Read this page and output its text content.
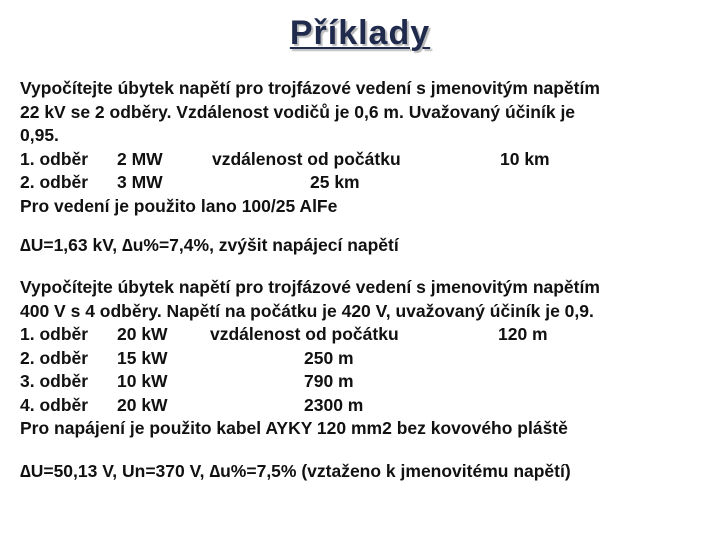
Příklady
Vypočítejte úbytek napětí pro trojfázové vedení s jmenovitým napětím
22 kV se 2 odběry. Vzdálenost vodičů je 0,6 m. Uvažovaný účiník je
0,95.
1. odběr 2 MW	vzdálenost od počátku	10 km
2. odběr 3 MW	25 km
Pro vedení je použito lano 100/25 AlFe
∆U=1,63 kV, ∆u%=7,4%, zvýšit napájecí napětí
Vypočítejte úbytek napětí pro trojfázové vedení s jmenovitým napětím
400 V s 4 odběry. Napětí na počátku je 420 V, uvažovaný účiník je 0,9.
1. odběr 20 kW vzdálenost od počátku	120 m
2. odběr 15 kW	250 m
3. odběr 10 kW	790 m
4. odběr 20 kW	2300 m
Pro napájení je použito kabel AYKY 120 mm2 bez kovového pláště
∆U=50,13 V, Un=370 V, ∆u%=7,5% (vztaženo k jmenovitému napětí)
